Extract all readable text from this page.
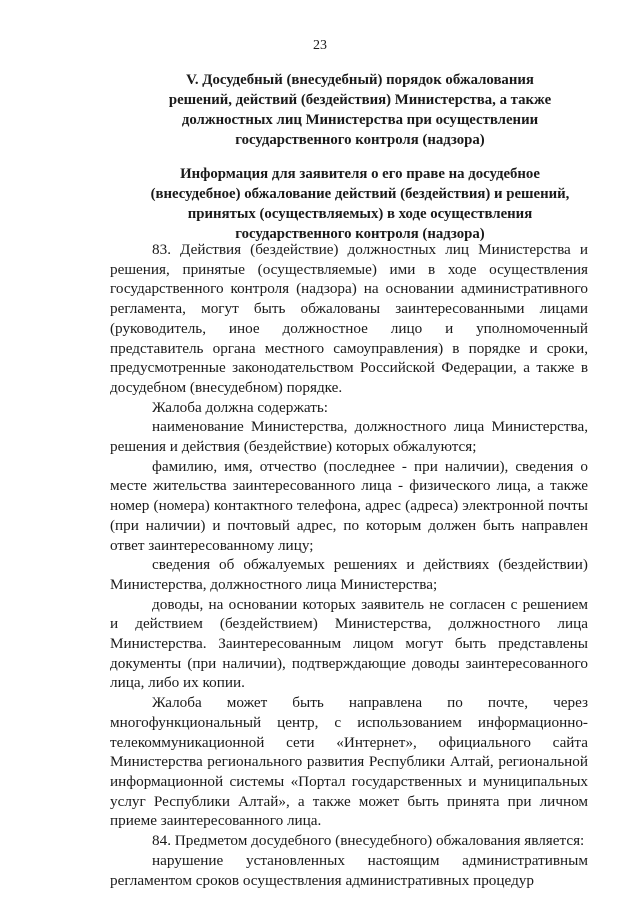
23
V. Досудебный (внесудебный) порядок обжалования
решений, действий (бездействия) Министерства, а также
должностных лиц Министерства при осуществлении
государственного контроля (надзора)
Информация для заявителя о его праве на досудебное
(внесудебное) обжалование действий (бездействия) и решений,
принятых (осуществляемых) в ходе осуществления
государственного контроля (надзора)

83. Действия (бездействие) должностных лиц Министерства и решения, принятые (осуществляемые) ими в ходе осуществления государственного контроля (надзора) на основании административного регламента, могут быть обжалованы заинтересованными лицами (руководитель, иное должностное лицо и уполномоченный представитель органа местного самоуправления) в порядке и сроки, предусмотренные законодательством Российской Федерации, а также в досудебном (внесудебном) порядке.

Жалоба должна содержать:

наименование Министерства, должностного лица Министерства, решения и действия (бездействие) которых обжалуются;

фамилию, имя, отчество (последнее - при наличии), сведения о месте жительства заинтересованного лица - физического лица, а также номер (номера) контактного телефона, адрес (адреса) электронной почты (при наличии) и почтовый адрес, по которым должен быть направлен ответ заинтересованному лицу;

сведения об обжалуемых решениях и действиях (бездействии) Министерства, должностного лица Министерства;

доводы, на основании которых заявитель не согласен с решением и действием (бездействием) Министерства, должностного лица Министерства. Заинтересованным лицом могут быть представлены документы (при наличии), подтверждающие доводы заинтересованного лица, либо их копии.

Жалоба может быть направлена по почте, через многофункциональный центр, с использованием информационно-телекоммуникационной сети «Интернет», официального сайта Министерства регионального развития Республики Алтай, региональной информационной системы «Портал государственных и муниципальных услуг Республики Алтай», а также может быть принята при личном приеме заинтересованного лица.

84. Предметом досудебного (внесудебного) обжалования является:

нарушение установленных настоящим административным регламентом сроков осуществления административных процедур
